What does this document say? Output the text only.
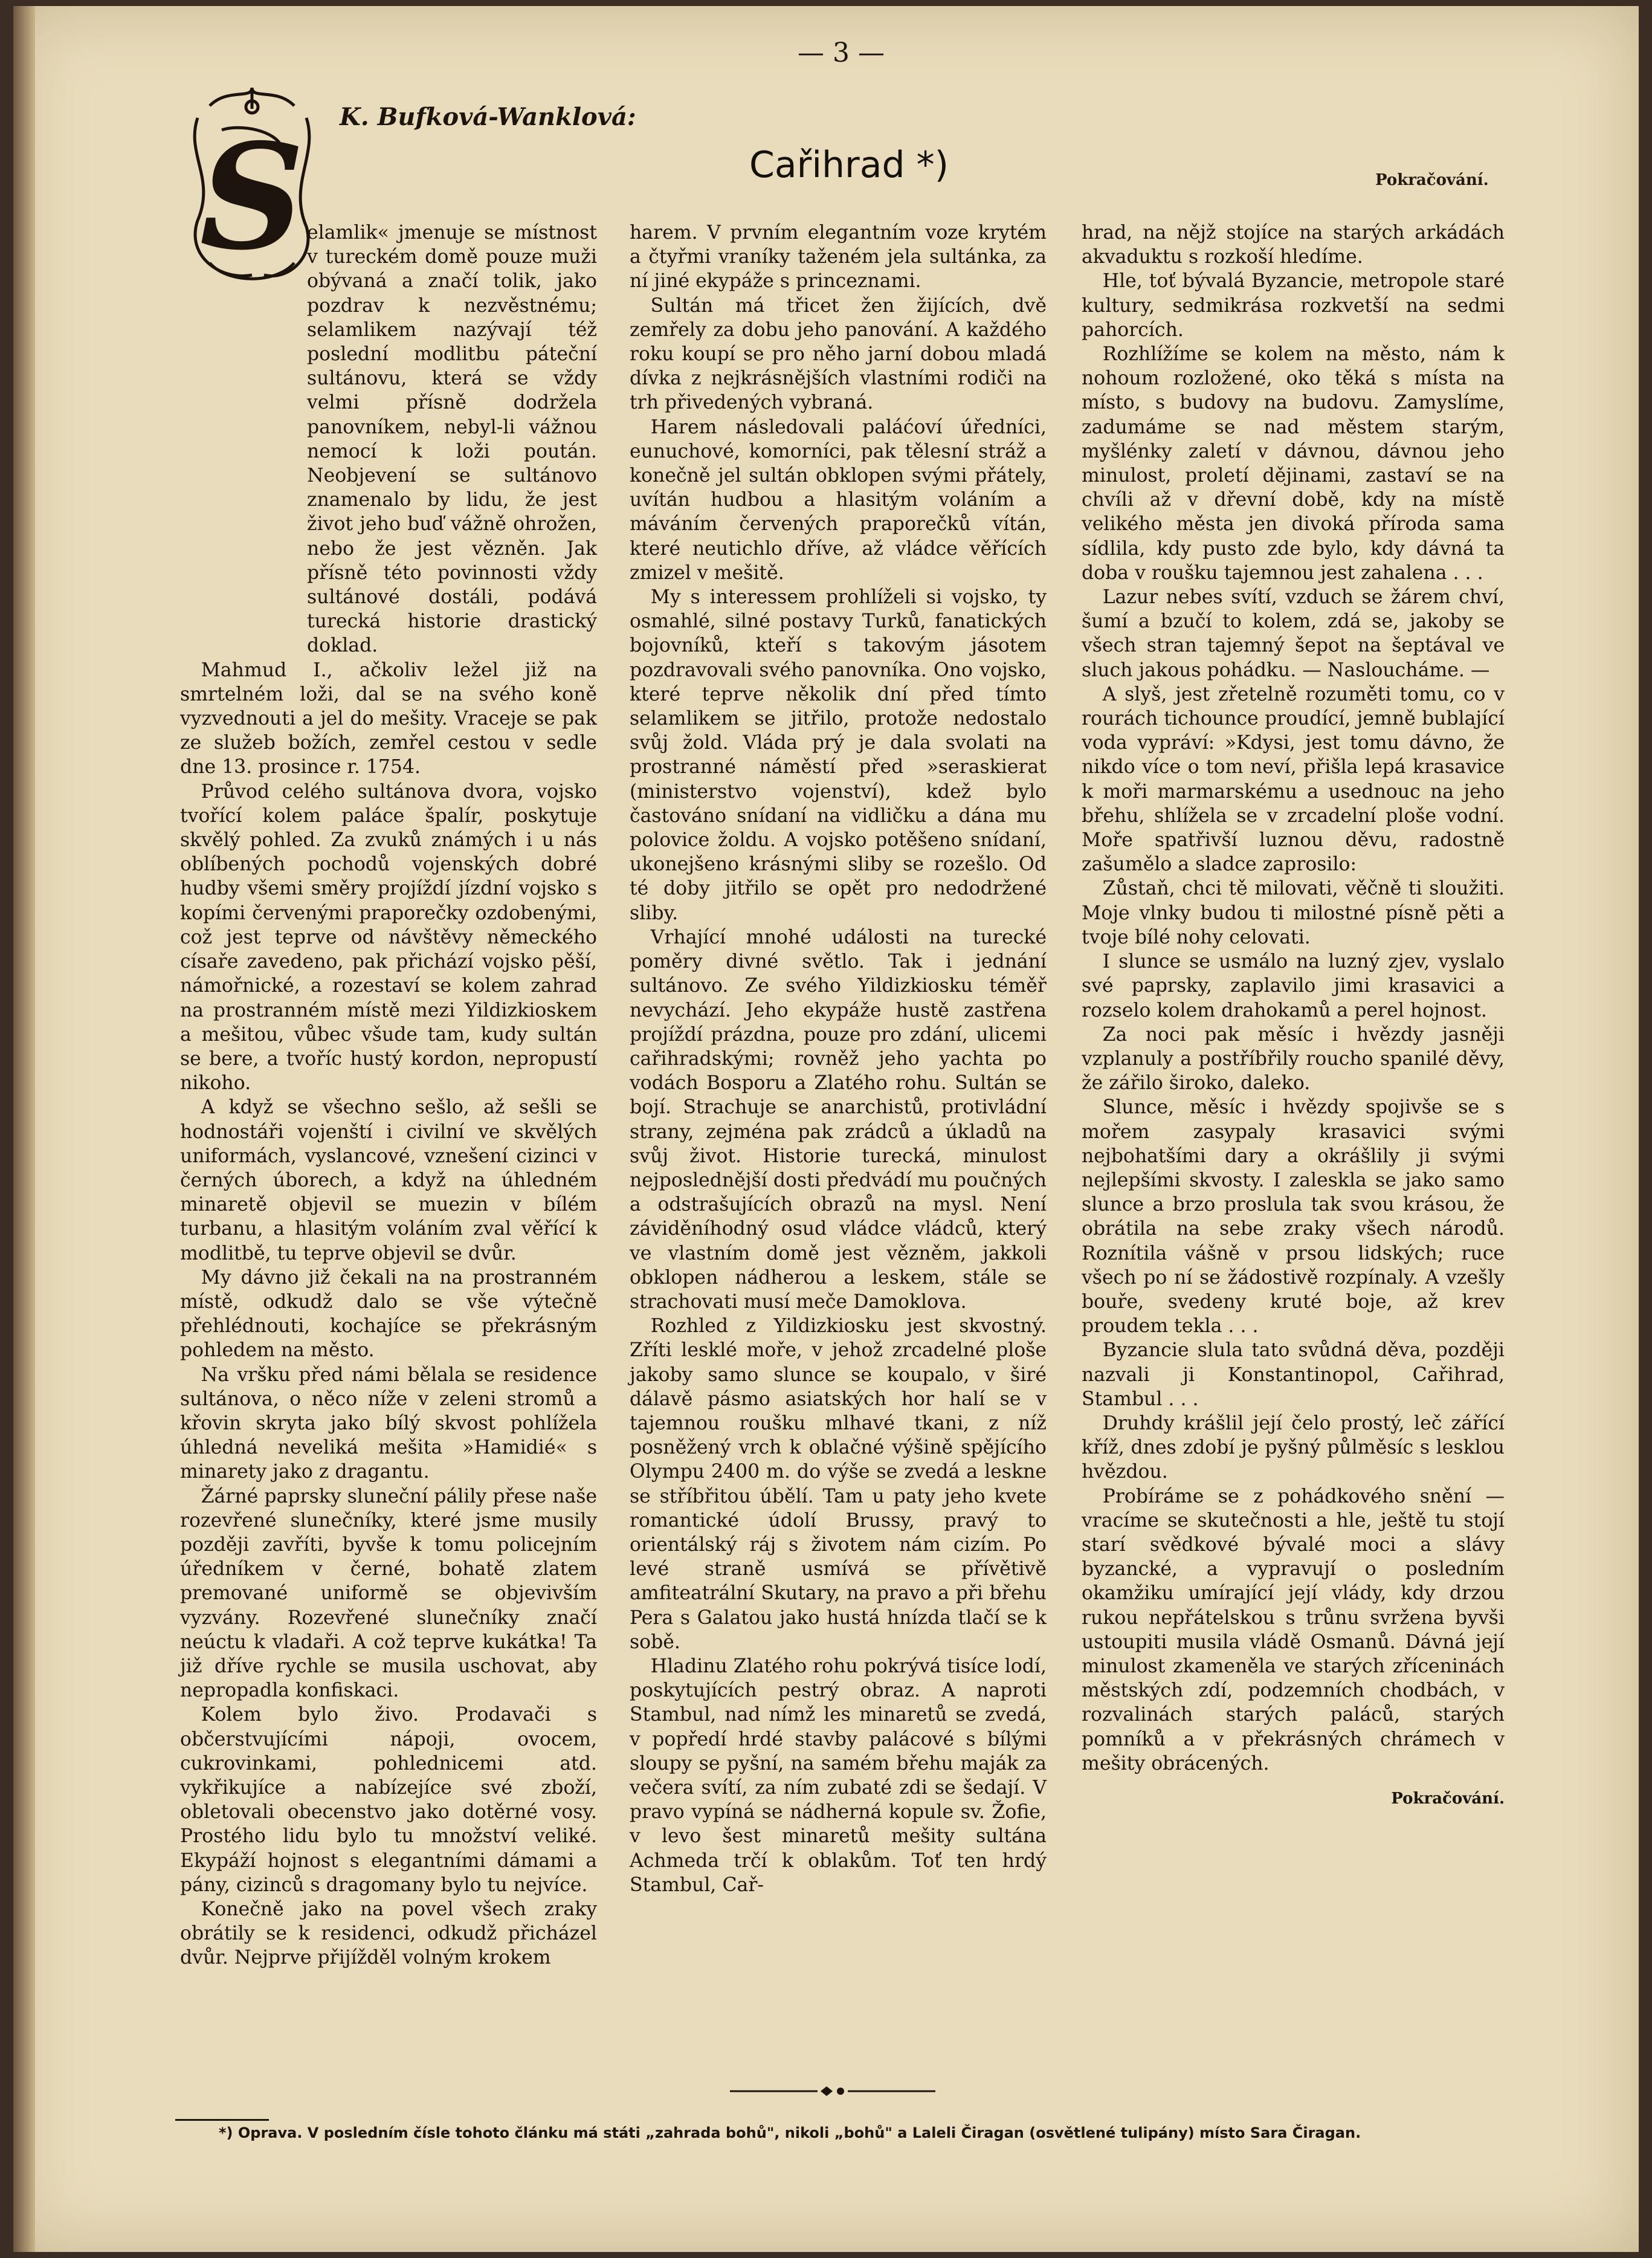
— 3 —
S K. Bufková-Wanklová:
Cařihrad *)	Pokračování.

elamlik« jmenuje se místnost v tureckém domě pouze muži obývaná a značí tolik, jako pozdrav k nezvěstnému; selamlikem nazývají též poslední modlitbu páteční sultánovu, která se vždy velmi přísně dodržela panovníkem, nebyl-li vážnou nemocí k loži poután. Neobjevení se sultánovo znamenalo by lidu, že jest život jeho buď vážně ohrožen, nebo že jest vězněn. Jak přísně této povinnosti vždy sultánové dostáli, podává turecká historie drastický doklad.

Mahmud I., ačkoliv ležel již na smrtelném loži, dal se na svého koně vyzvednouti a jel do mešity. Vraceje se pak ze služeb božích, zemřel cestou v sedle dne 13. prosince r. 1754.

Průvod celého sultánova dvora, vojsko tvořící kolem paláce špalír, poskytuje skvělý pohled. Za zvuků známých i u nás oblíbených pochodů vojenských dobré hudby všemi směry projíždí jízdní vojsko s kopími červenými praporečky ozdobenými, což jest teprve od návštěvy německého císaře zavedeno, pak přichází vojsko pěší, námořnické, a rozestaví se kolem zahrad na prostranném místě mezi Yildizkioskem a mešitou, vůbec všude tam, kudy sultán se bere, a tvoříc hustý kordon, nepropustí nikoho.

A když se všechno sešlo, až sešli se hodnostáři vojenští i civilní ve skvělých uniformách, vyslancové, vznešení cizinci v černých úborech, a když na úhledném minaretě objevil se muezin v bílém turbanu, a hlasitým voláním zval věřící k modlitbě, tu teprve objevil se dvůr.

My dávno již čekali na na prostranném místě, odkudž dalo se vše výtečně přehlédnouti, kochajíce se překrásným pohledem na město.

Na vršku před námi bělala se residence sultánova, o něco níže v zeleni stromů a křovin skryta jako bílý skvost pohlížela úhledná neveliká mešita »Hamidié« s minarety jako z dragantu.

Žárné paprsky sluneční pálily přese naše rozevřené slunečníky, které jsme musily později zavříti, byvše k tomu policejním úředníkem v černé, bohatě zlatem premované uniformě se objevivším vyzvány. Rozevřené slunečníky značí neúctu k vladaři. A což teprve kukátka! Ta již dříve rychle se musila uschovat, aby nepropadla konfiskaci.

Kolem bylo živo. Prodavači s občerstvujícími nápoji, ovocem, cukrovinkami, pohlednicemi atd. vykřikujíce a nabízejíce své zboží, obletovali obecenstvo jako dotěrné vosy. Prostého lidu bylo tu množství veliké. Ekypáží hojnost s elegantními dámami a pány, cizinců s dragomany bylo tu nejvíce.

Konečně jako na povel všech zraky obrátily se k residenci, odkudž přicházel dvůr. Nejprve přijížděl volným krokem

harem. V prvním elegantním voze krytém a čtyřmi vraníky taženém jela sultánka, za ní jiné ekypáže s princeznami.

Sultán má třicet žen žijících, dvě zemřely za dobu jeho panování. A každého roku koupí se pro něho jarní dobou mladá dívka z nejkrásnějších vlastními rodiči na trh přivedených vybraná.

Harem následovali paláćoví úředníci, eunuchové, komorníci, pak tělesní stráž a konečně jel sultán obklopen svými přátely, uvítán hudbou a hlasitým voláním a máváním červených praporečků vítán, které neutichlo dříve, až vládce věřících zmizel v mešitě.

My s interessem prohlíželi si vojsko, ty osmahlé, silné postavy Turků, fanatických bojovníků, kteří s takovým jásotem pozdravovali svého panovníka. Ono vojsko, které teprve několik dní před tímto selamlikem se jitřilo, protože nedostalo svůj žold. Vláda prý je dala svolati na prostranné náměstí před »seraskierat (ministerstvo vojenství), kdež bylo častováno snídaní na vidličku a dána mu polovice žoldu. A vojsko potěšeno snídaní, ukonejšeno krásnými sliby se rozešlo. Od té doby jitřilo se opět pro nedodržené sliby.

Vrhající mnohé události na turecké poměry divné světlo. Tak i jednání sultánovo. Ze svého Yildizkiosku téměř nevychází. Jeho ekypáže hustě zastřena projíždí prázdna, pouze pro zdání, ulicemi cařihradskými; rovněž jeho yachta po vodách Bosporu a Zlatého rohu. Sultán se bojí. Strachuje se anarchistů, protivládní strany, zejména pak zrádců a úkladů na svůj život. Historie turecká, minulost nejposlednější dosti předvádí mu poučných a odstrašujících obrazů na mysl. Není záviděníhodný osud vládce vládců, který ve vlastním domě jest vězněm, jakkoli obklopen nádherou a leskem, stále se strachovati musí meče Damoklova.

Rozhled z Yildizkiosku jest skvostný. Zříti lesklé moře, v jehož zrcadelné ploše jakoby samo slunce se koupalo, v širé dálavě pásmo asiatských hor halí se v tajemnou roušku mlhavé tkani, z níž posněžený vrch k oblačné výšině spějícího Olympu 2400 m. do výše se zvedá a leskne se stříbřitou úbělí. Tam u paty jeho kvete romantické údolí Brussy, pravý to orientálský ráj s životem nám cizím. Po levé straně usmívá se přívětivě amfiteatrální Skutary, na pravo a při břehu Pera s Galatou jako hustá hnízda tlačí se k sobě.

Hladinu Zlatého rohu pokrývá tisíce lodí, poskytujících pestrý obraz. A naproti Stambul, nad nímž les minaretů se zvedá, v popředí hrdé stavby palácové s bílými sloupy se pyšní, na samém břehu maják za večera svítí, za ním zubaté zdi se šedají. V pravo vypíná se nádherná kopule sv. Žofie, v levo šest minaretů mešity sultána Achmeda trčí k oblakům. Toť ten hrdý Stambul, Cař-

hrad, na nějž stojíce na starých arkádách akvaduktu s rozkoší hledíme.

Hle, toť bývalá Byzancie, metropole staré kultury, sedmikrása rozkvetší na sedmi pahorcích.

Rozhlížíme se kolem na město, nám k nohoum rozložené, oko těká s místa na místo, s budovy na budovu. Zamyslíme, zadumáme se nad městem starým, myšlénky zaletí v dávnou, dávnou jeho minulost, proletí dějinami, zastaví se na chvíli až v dřevní době, kdy na místě velikého města jen divoká příroda sama sídlila, kdy pusto zde bylo, kdy dávná ta doba v roušku tajemnou jest zahalena . . .

Lazur nebes svítí, vzduch se žárem chví, šumí a bzučí to kolem, zdá se, jakoby se všech stran tajemný šepot na šeptával ve sluch jakous pohádku. — Nasloucháme. —

A slyš, jest zřetelně rozuměti tomu, co v rourách tichounce proudící, jemně bublající voda vypráví: »Kdysi, jest tomu dávno, že nikdo více o tom neví, přišla lepá krasavice k moři marmarskému a usednouc na jeho břehu, shlížela se v zrcadelní ploše vodní. Moře spatřivší luznou děvu, radostně zašumělo a sladce zaprosilo:

Zůstaň, chci tě milovati, věčně ti sloužiti. Moje vlnky budou ti milostné písně pěti a tvoje bílé nohy celovati.

I slunce se usmálo na luzný zjev, vyslalo své paprsky, zaplavilo jimi krasavici a rozselo kolem drahokamů a perel hojnost.

Za noci pak měsíc i hvězdy jasněji vzplanuly a postříbřily roucho spanilé děvy, že zářilo široko, daleko.

Slunce, měsíc i hvězdy spojivše se s mořem zasypaly krasavici svými nejbohatšími dary a okrášlily ji svými nejlepšími skvosty. I zaleskla se jako samo slunce a brzo proslula tak svou krásou, že obrátila na sebe zraky všech národů. Roznítila vášně v prsou lidských; ruce všech po ní se žádostivě rozpínaly. A vzešly bouře, svedeny kruté boje, až krev proudem tekla . . .

Byzancie slula tato svůdná děva, později nazvali ji Konstantinopol, Cařihrad, Stambul . . .

Druhdy krášlil její čelo prostý, leč zářící kříž, dnes zdobí je pyšný půlměsíc s lesklou hvězdou.

Probíráme se z pohádkového snění — vracíme se skutečnosti a hle, ještě tu stojí starí svědkové bývalé moci a slávy byzancké, a vypravují o posledním okamžiku umírající její vlády, kdy drzou rukou nepřátelskou s trůnu svržena byvši ustoupiti musila vládě Osmanů. Dávná její minulost zkameněla ve starých zříceninách městských zdí, podzemních chodbách, v rozvalinách starých paláců, starých pomníků a v překrásných chrámech v mešity obrácených.

Pokračování.
*) Oprava. V posledním čísle tohoto článku má státi „zahrada bohů", nikoli „bohů" a Laleli Čiragan (osvětlené tulipány) místo Sara Čiragan.
